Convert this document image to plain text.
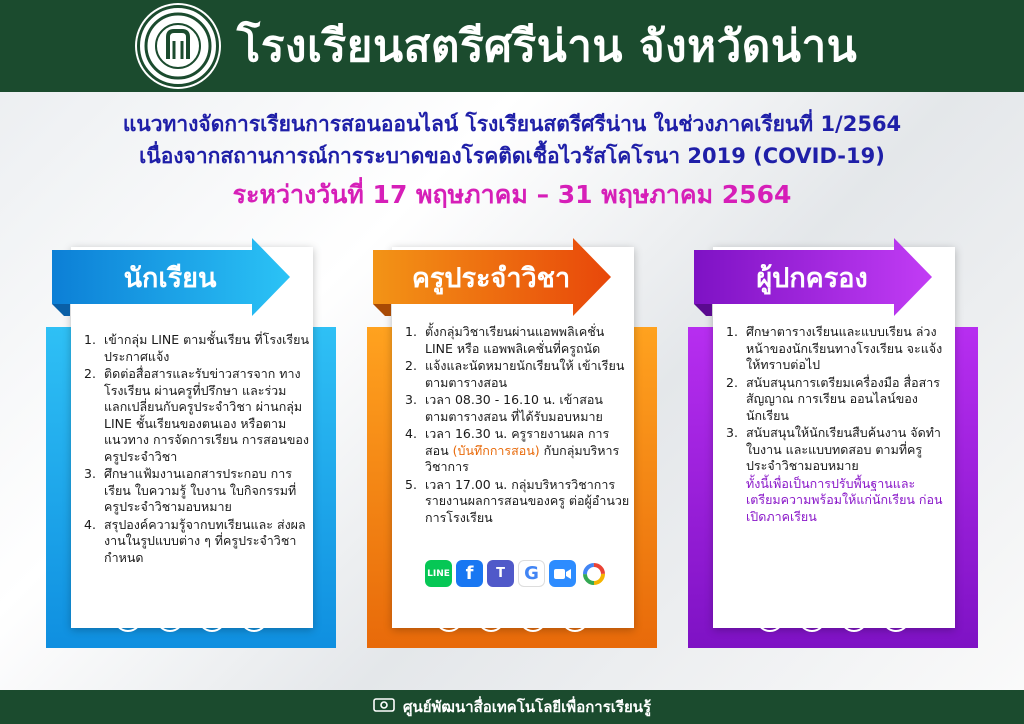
โรงเรียนสตรีศรีน่าน จังหวัดน่าน
แนวทางจัดการเรียนการสอนออนไลน์ โรงเรียนสตรีศรีน่าน ในช่วงภาคเรียนที่ 1/2564
เนื่องจากสถานการณ์การระบาดของโรคติดเชื้อไวรัสโคโรนา 2019 (COVID-19)
ระหว่างวันที่ 17 พฤษภาคม – 31 พฤษภาคม 2564
นักเรียน
1. เข้ากลุ่ม LINE ตามชั้นเรียน ที่โรงเรียนประกาศแจ้ง
2. ติดต่อสื่อสารและรับข่าวสารจาก ทางโรงเรียน ผ่านครูที่ปรึกษา และร่วมแลกเปลี่ยนกับครูประจำวิชา ผ่านกลุ่ม LINE ชั้นเรียนของตนเอง หรือตามแนวทาง การจัดการเรียน การสอนของครูประจำวิชา
3. ศึกษาแฟ้มงานเอกสารประกอบ การเรียน ใบความรู้ ใบงาน ใบกิจกรรมที่ครูประจำวิชามอบหมาย
4. สรุปองค์ความรู้จากบทเรียนและ ส่งผลงานในรูปแบบต่าง ๆ ที่ครูประจำวิชากำหนด
ครูประจำวิชา
1. ตั้งกลุ่มวิชาเรียนผ่านแอพพลิเคชั่น LINE หรือ แอพพลิเคชั่นที่ครูถนัด
2. แจ้งและนัดหมายนักเรียนให้ เข้าเรียนตามตารางสอน
3. เวลา 08.30 - 16.10 น. เข้าสอน ตามตารางสอน ที่ได้รับมอบหมาย
4. เวลา 16.30 น. ครูรายงานผล การสอน (บันทึกการสอน) กับกลุ่มบริหารวิชาการ
5. เวลา 17.00 น. กลุ่มบริหารวิชาการ รายงานผลการสอนของครู ต่อผู้อำนวยการโรงเรียน
LINE f	T	G
ผู้ปกครอง
1. ศึกษาตารางเรียนและแบบเรียน ล่วงหน้าของนักเรียนทางโรงเรียน จะแจ้งให้ทราบต่อไป
2. สนับสนุนการเตรียมเครื่องมือ สื่อสาร สัญญาณ การเรียน ออนไลน์ของนักเรียน
3. สนับสนุนให้นักเรียนสืบค้นงาน จัดทำใบงาน และแบบทดสอบ ตามที่ครูประจำวิชามอบหมาย
ทั้งนี้เพื่อเป็นการปรับพื้นฐานและ เตรียมความพร้อมให้แก่นักเรียน ก่อนเปิดภาคเรียน
ศูนย์พัฒนาสื่อเทคโนโลยีเพื่อการเรียนรู้
